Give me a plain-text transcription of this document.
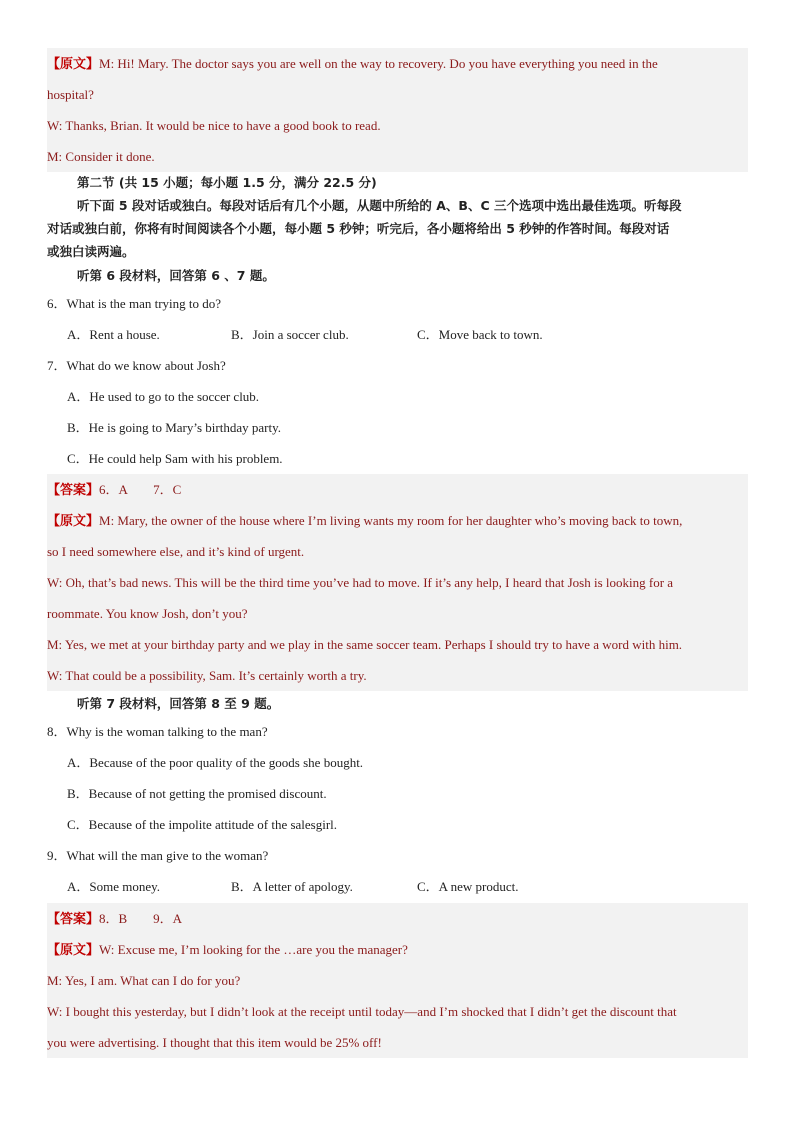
【原文】M: Hi! Mary. The doctor says you are well on the way to recovery. Do you have everything you need in the
hospital?
W: Thanks, Brian. It would be nice to have a good book to read.
M: Consider it done.
第二节 (共 15 小题；每小题 1.5 分，满分 22.5 分)
听下面 5 段对话或独白。每段对话后有几个小题，从题中所给的 A、B、C 三个选项中选出最佳选项。听每段
对话或独白前，你将有时间阅读各个小题，每小题 5 秒钟；听完后，各小题将给出 5 秒钟的作答时间。每段对话
或独白读两遍。
听第 6 段材料，回答第 6 、7 题。
6．What is the man trying to do?
A．Rent a house.	B．Join a soccer club.	C．Move back to town.
7．What do we know about Josh?
A．He used to go to the soccer club.
B．He is going to Mary’s birthday party.
C．He could help Sam with his problem.
【答案】6．A        7．C
【原文】M: Mary, the owner of the house where I’m living wants my room for her daughter who’s moving back to town,
so I need somewhere else, and it’s kind of urgent.
W: Oh, that’s bad news. This will be the third time you’ve had to move. If it’s any help, I heard that Josh is looking for a
roommate. You know Josh, don’t you?
M: Yes, we met at your birthday party and we play in the same soccer team. Perhaps I should try to have a word with him.
W: That could be a possibility, Sam. It’s certainly worth a try.
听第 7 段材料，回答第 8 至 9 题。
8．Why is the woman talking to the man?
A．Because of the poor quality of the goods she bought.
B．Because of not getting the promised discount.
C．Because of the impolite attitude of the salesgirl.
9．What will the man give to the woman?
A．Some money.	B．A letter of apology.	C．A new product.
【答案】8．B        9．A
【原文】W: Excuse me, I’m looking for the …are you the manager?
M: Yes, I am. What can I do for you?
W: I bought this yesterday, but I didn’t look at the receipt until today—and I’m shocked that I didn’t get the discount that
you were advertising. I thought that this item would be 25% off!
